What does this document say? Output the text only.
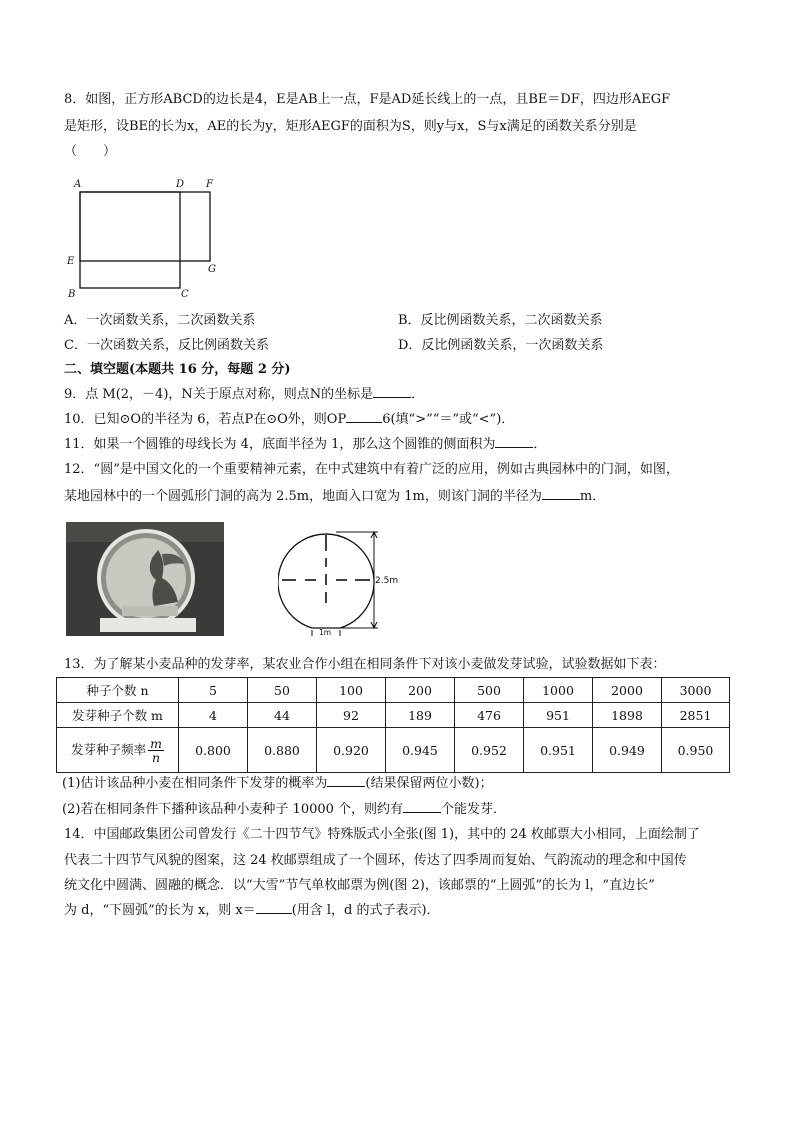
8．如图，正方形ABCD的边长是4，E是AB上一点，F是AD延长线上的一点，且BE＝DF，四边形AEGF
是矩形，设BE的长为x，AE的长为y，矩形AEGF的面积为S，则y与x，S与x满足的函数关系分别是
（　　）
A	D F
E
G
B	C
A．一次函数关系，二次函数关系	B．反比例函数关系，二次函数关系
C．一次函数关系，反比例函数关系	D．反比例函数关系，一次函数关系
二、填空题(本题共 16 分，每题 2 分)
9．点 M(2，－4)，N关于原点对称，则点N的坐标是	．
10．已知⊙O的半径为 6，若点P在⊙O外，则OP	6(填“>”“＝”或“<”)．
11．如果一个圆锥的母线长为 4，底面半径为 1，那么这个圆锥的侧面积为	．
12．“圆”是中国文化的一个重要精神元素，在中式建筑中有着广泛的应用，例如古典园林中的门洞，如图，
某地园林中的一个圆弧形门洞的高为 2.5m，地面入口宽为 1m，则该门洞的半径为	m．
2.5m
1m
13．为了解某小麦品种的发芽率，某农业合作小组在相同条件下对该小麦做发芽试验，试验数据如下表：
种子个数 n	5	50	100	200	500	1000	2000	3000
发芽种子个数 m	4	44	92	189	476	951	1898	2851
发芽种子频率 $\frac{m}{n}$	0.800	0.880	0.920	0.945	0.952	0.951	0.949	0.950
(1)估计该品种小麦在相同条件下发芽的概率为	(结果保留两位小数)；
(2)若在相同条件下播种该品种小麦种子 10000 个，则约有	个能发芽．
14．中国邮政集团公司曾发行《二十四节气》特殊版式小全张(图 1)，其中的 24 枚邮票大小相同，上面绘制了
代表二十四节气风貌的图案，这 24 枚邮票组成了一个圆环，传达了四季周而复始、气韵流动的理念和中国传
统文化中圆满、圆融的概念．以“大雪”节气单枚邮票为例(图 2)，该邮票的“上圆弧”的长为 l，“直边长”
为 d，“下圆弧”的长为 x，则 x＝	(用含 l，d 的式子表示)．
